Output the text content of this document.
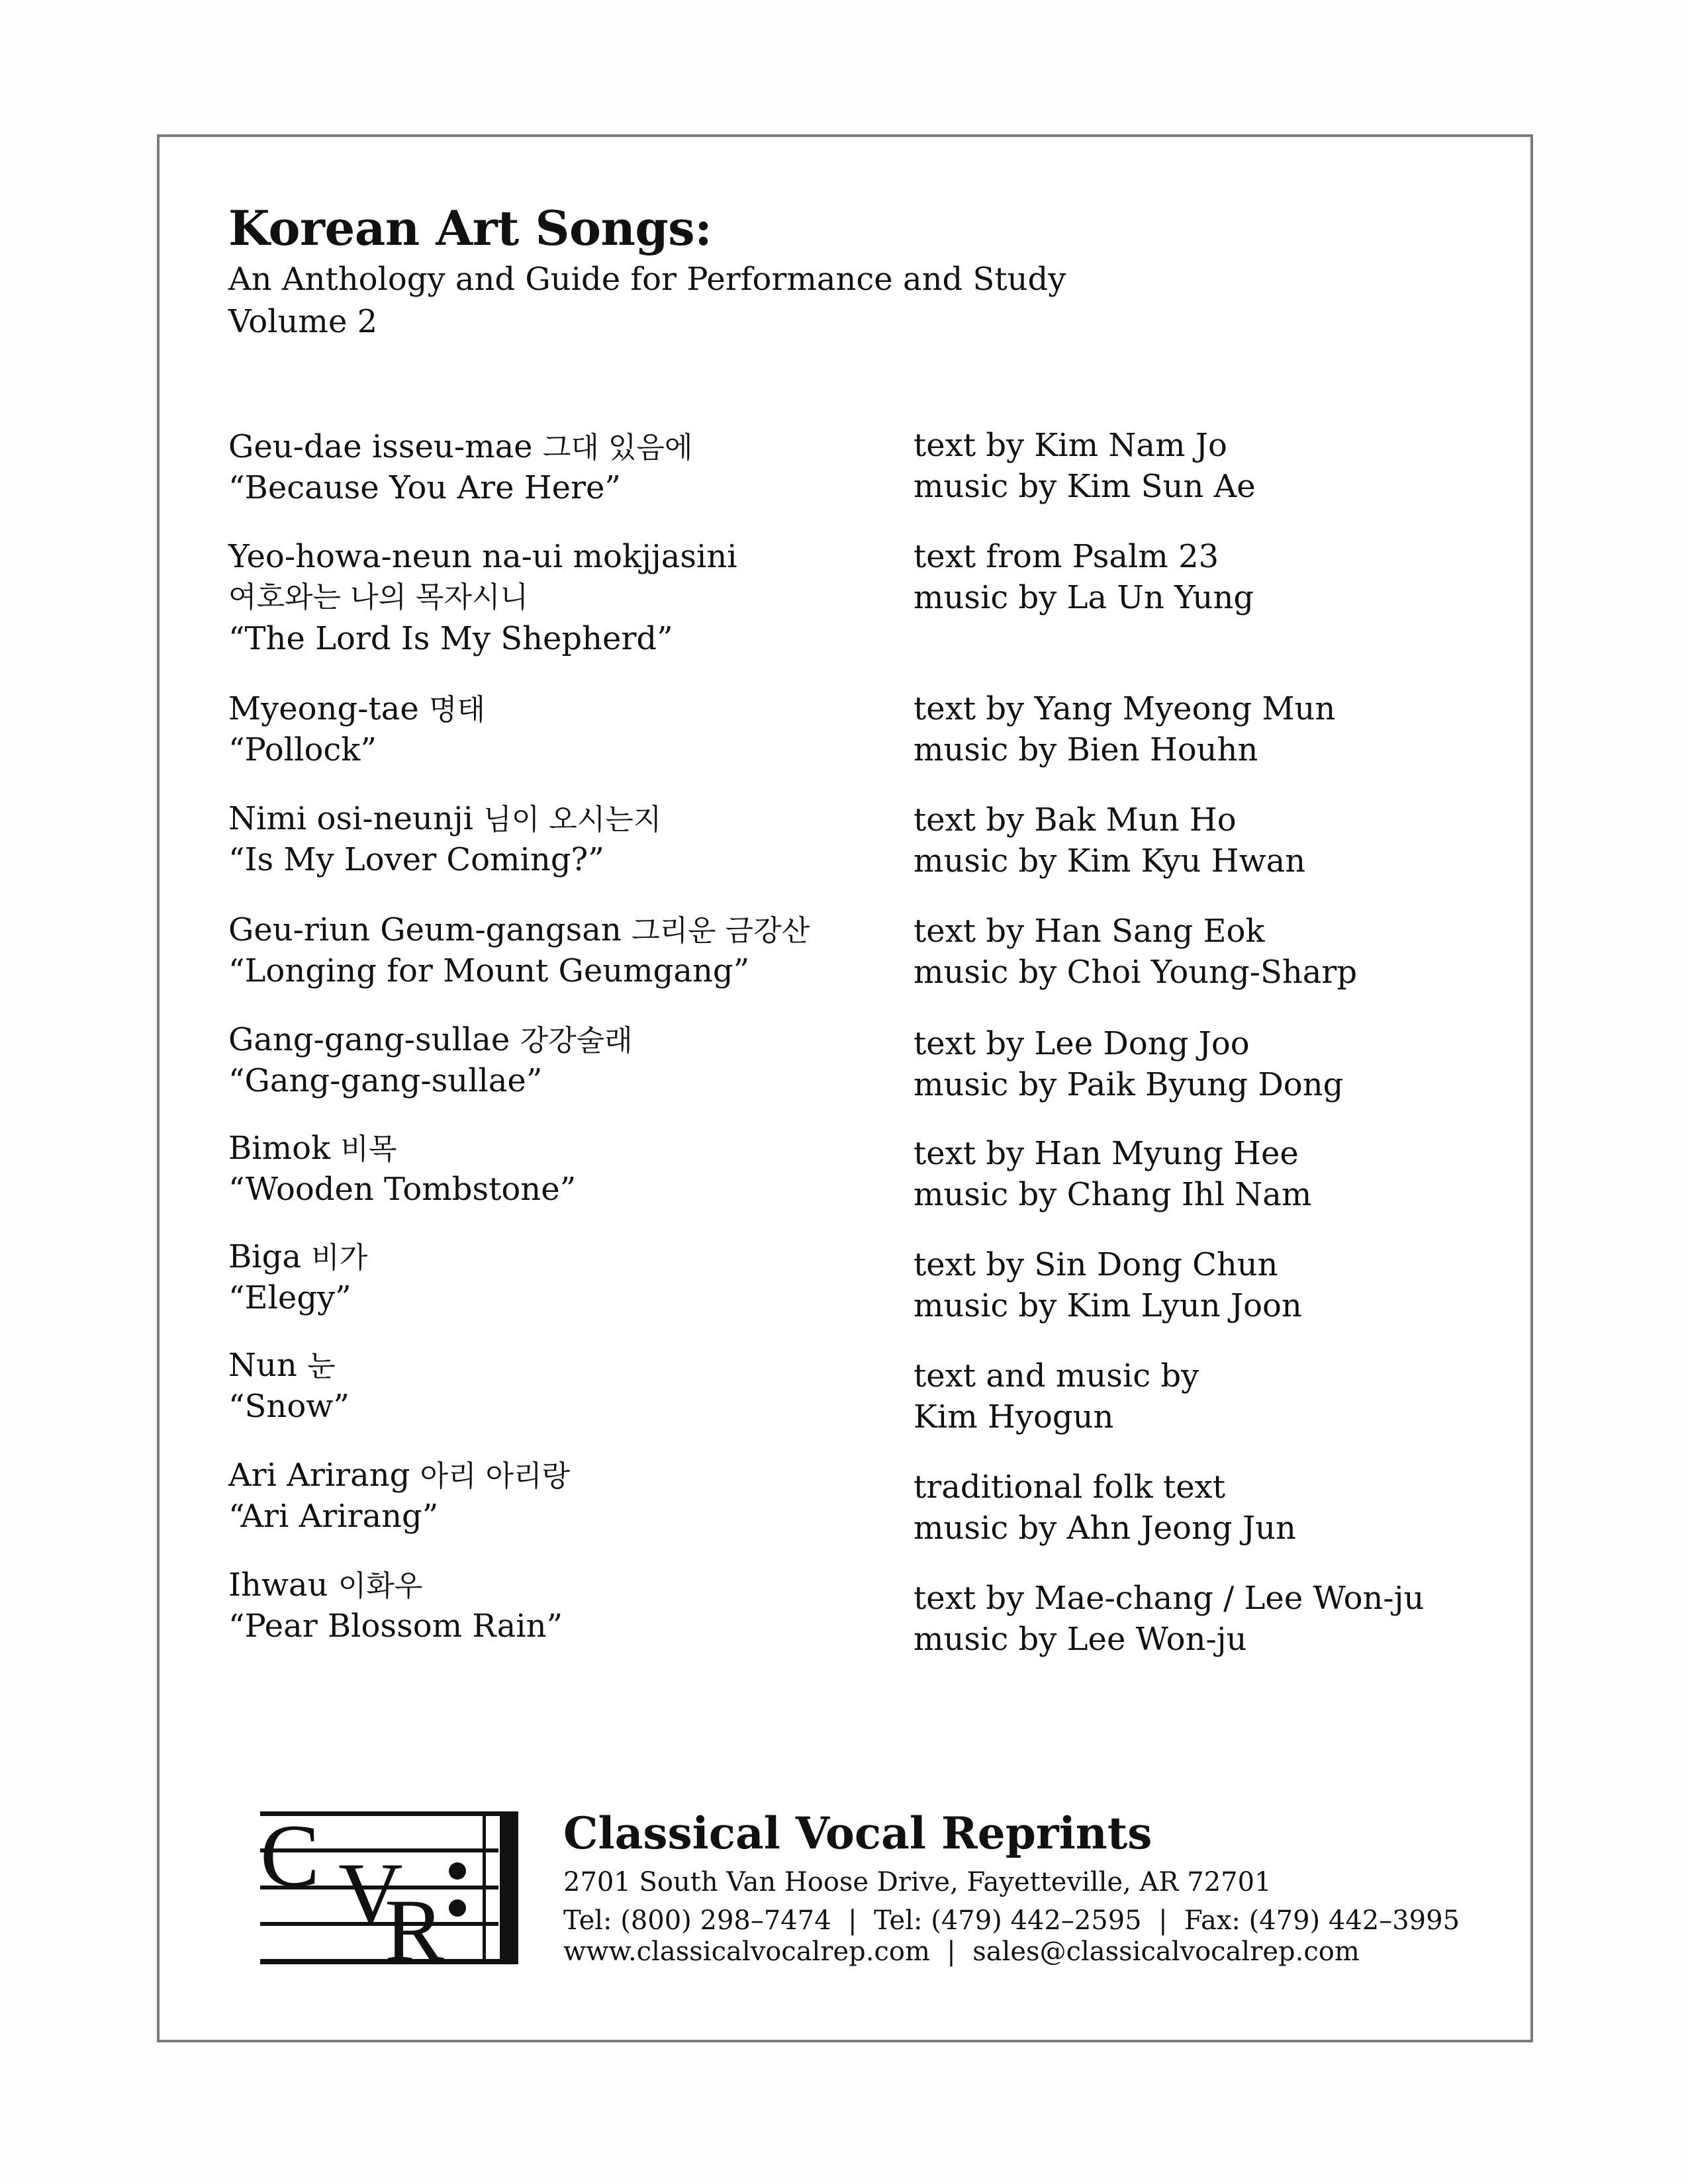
Korean Art Songs:
An Anthology and Guide for Performance and Study
Volume 2
Geu-dae isseu-mae 그대 있음에
“Because You Are Here”
text by Kim Nam Jo
music by Kim Sun Ae
Yeo-howa-neun na-ui mokjjasini
여호와는 나의 목자시니
“The Lord Is My Shepherd”
text from Psalm 23
music by La Un Yung
Myeong-tae 명태
“Pollock”
text by Yang Myeong Mun
music by Bien Houhn
Nimi osi-neunji 님이 오시는지
“Is My Lover Coming?”
text by Bak Mun Ho
music by Kim Kyu Hwan
Geu-riun Geum-gangsan 그리운 금강산
“Longing for Mount Geumgang”
text by Han Sang Eok
music by Choi Young-Sharp
Gang-gang-sullae 강강술래
“Gang-gang-sullae”
text by Lee Dong Joo
music by Paik Byung Dong
Bimok 비목
“Wooden Tombstone”
text by Han Myung Hee
music by Chang Ihl Nam
Biga 비가
“Elegy”
text by Sin Dong Chun
music by Kim Lyun Joon
Nun 눈
“Snow”
text and music by
Kim Hyogun
Ari Arirang 아리 아리랑
“Ari Arirang”
traditional folk text
music by Ahn Jeong Jun
Ihwau 이화우
“Pear Blossom Rain”
text by Mae-chang / Lee Won-ju
music by Lee Won-ju
C V
R
Classical Vocal Reprints
2701 South Van Hoose Drive, Fayetteville, AR 72701
Tel: (800) 298–7474  |  Tel: (479) 442–2595  |  Fax: (479) 442–3995
www.classicalvocalrep.com  |  sales@classicalvocalrep.com
